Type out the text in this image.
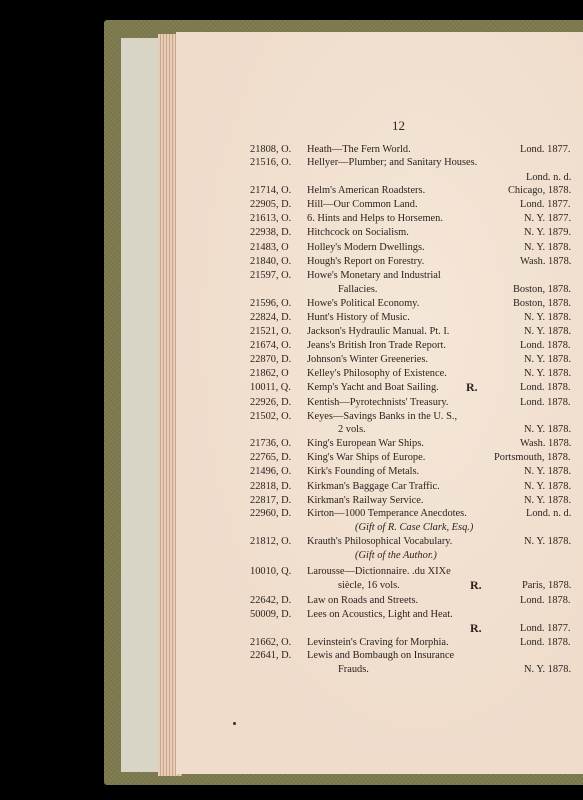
12
21808, O. Heath—The Fern World.	Lond. 1877.
21516, O. Hellyer—Plumber; and Sanitary Houses.
Lond. n. d.
21714, O. Helm's American Roadsters.	Chicago, 1878.
22905, D. Hill—Our Common Land.	Lond. 1877.
21613, O. 6. Hints and Helps to Horsemen.	N. Y. 1877.
22938, D. Hitchcock on Socialism.	N. Y. 1879.
21483, O Holley's Modern Dwellings.	N. Y. 1878.
21840, O. Hough's Report on Forestry.	Wash. 1878.
21597, O. Howe's Monetary and Industrial
Fallacies.	Boston, 1878.
21596, O. Howe's Political Economy.	Boston, 1878.
22824, D. Hunt's History of Music.	N. Y. 1878.
21521, O. Jackson's Hydraulic Manual. Pt. I.	N. Y. 1878.
21674, O. Jeans's British Iron Trade Report.	Lond. 1878.
22870, D. Johnson's Winter Greeneries.	N. Y. 1878.
21862, O Kelley's Philosophy of Existence.	N. Y. 1878.
10011, Q. Kemp's Yacht and Boat Sailing. R.	Lond. 1878.
22926, D. Kentish—Pyrotechnists' Treasury.	Lond. 1878.
21502, O. Keyes—Savings Banks in the U. S.,
2 vols.	N. Y. 1878.
21736, O. King's European War Ships.	Wash. 1878.
22765, D. King's War Ships of Europe.	Portsmouth, 1878.
21496, O. Kirk's Founding of Metals.	N. Y. 1878.
22818, D. Kirkman's Baggage Car Traffic.	N. Y. 1878.
22817, D. Kirkman's Railway Service.	N. Y. 1878.
22960, D. Kirton—1000 Temperance Anecdotes.	Lond. n. d.
(Gift of R. Case Clark, Esq.)
21812, O. Krauth's Philosophical Vocabulary.	N. Y. 1878.
(Gift of the Author.)
10010, Q. Larousse—Dictionnaire. .du XIXe
siècle, 16 vols.	R.	Paris, 1878.
22642, D. Law on Roads and Streets.	Lond. 1878.
50009, D. Lees on Acoustics, Light and Heat.
R.	Lond. 1877.
21662, O. Levinstein's Craving for Morphia.	Lond. 1878.
22641, D. Lewis and Bombaugh on Insurance
Frauds.	N. Y. 1878.
